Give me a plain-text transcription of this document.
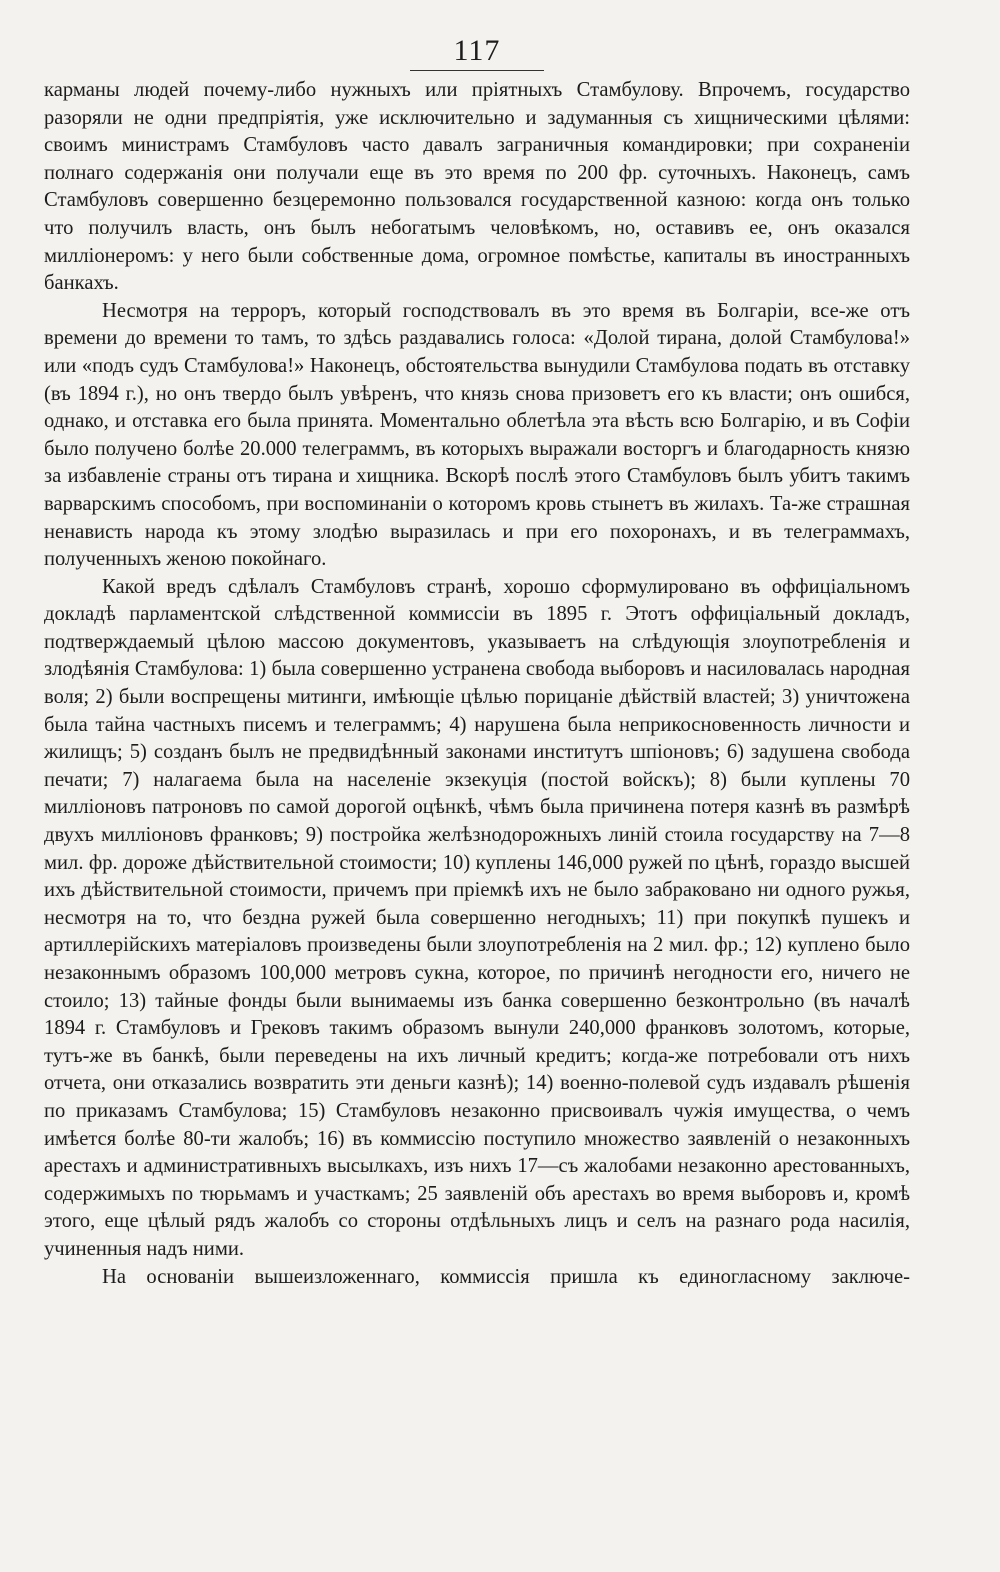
117

карманы людей почему-либо нужныхъ или пріятныхъ Стамбулову. Впрочемъ, государство разоряли не одни предпріятія, уже исключительно и задуманныя съ хищническими цѣлями: своимъ министрамъ Стамбуловъ часто давалъ заграничныя командировки; при сохраненіи полнаго содержанія они получали еще въ это время по 200 фр. суточныхъ. Наконецъ, самъ Стамбуловъ совершенно безцеремонно пользовался государственной казною: когда онъ только что получилъ власть, онъ былъ небогатымъ человѣкомъ, но, оставивъ ее, онъ оказался милліонеромъ: у него были собственные дома, огромное помѣстье, капиталы въ иностранныхъ банкахъ.

Несмотря на терроръ, который господствовалъ въ это время въ Болгаріи, все-же отъ времени до времени то тамъ, то здѣсь раздавались голоса: «Долой тирана, долой Стамбулова!» или «подъ судъ Стамбулова!» Наконецъ, обстоятельства вынудили Стамбулова подать въ отставку (въ 1894 г.), но онъ твердо былъ увѣренъ, что князь снова призоветъ его къ власти; онъ ошибся, однако, и отставка его была принята. Моментально облетѣла эта вѣсть всю Болгарію, и въ Софіи было получено болѣе 20.000 телеграммъ, въ которыхъ выражали восторгъ и благодарность князю за избавленіе страны отъ тирана и хищника. Вскорѣ послѣ этого Стамбуловъ былъ убитъ такимъ варварскимъ способомъ, при воспоминаніи о которомъ кровь стынетъ въ жилахъ. Та-же страшная ненависть народа къ этому злодѣю выразилась и при его похоронахъ, и въ телеграммахъ, полученныхъ женою покойнаго.

Какой вредъ сдѣлалъ Стамбуловъ странѣ, хорошо сформулировано въ оффиціальномъ докладѣ парламентской слѣдственной коммиссіи въ 1895 г. Этотъ оффиціальный докладъ, подтверждаемый цѣлою массою документовъ, указываетъ на слѣдующія злоупотребленія и злодѣянія Стамбулова: 1) была совершенно устранена свобода выборовъ и насиловалась народная воля; 2) были воспрещены митинги, имѣющіе цѣлью порицаніе дѣйствій властей; 3) уничтожена была тайна частныхъ писемъ и телеграммъ; 4) нарушена была неприкосновенность личности и жилищъ; 5) созданъ былъ не предвидѣнный законами институтъ шпіоновъ; 6) задушена свобода печати; 7) налагаема была на населеніе экзекуція (постой войскъ); 8) были куплены 70 милліоновъ патроновъ по самой дорогой оцѣнкѣ, чѣмъ была причинена потеря казнѣ въ размѣрѣ двухъ милліоновъ франковъ; 9) постройка желѣзнодорожныхъ линій стоила государству на 7—8 мил. фр. дороже дѣйствительной стоимости; 10) куплены 146,000 ружей по цѣнѣ, гораздо высшей ихъ дѣйствительной стоимости, причемъ при пріемкѣ ихъ не было забраковано ни одного ружья, несмотря на то, что бездна ружей была совершенно негодныхъ; 11) при покупкѣ пушекъ и артиллерійскихъ матеріаловъ произведены были злоупотребленія на 2 мил. фр.; 12) куплено было незаконнымъ образомъ 100,000 метровъ сукна, которое, по причинѣ негодности его, ничего не стоило; 13) тайные фонды были вынимаемы изъ банка совершенно безконтрольно (въ началѣ 1894 г. Стамбуловъ и Грековъ такимъ образомъ вынули 240,000 франковъ золотомъ, которые, тутъ-же въ банкѣ, были переведены на ихъ личный кредитъ; когда-же потребовали отъ нихъ отчета, они отказались возвратить эти деньги казнѣ); 14) военно-полевой судъ издавалъ рѣшенія по приказамъ Стамбулова; 15) Стамбуловъ незаконно присвоивалъ чужія имущества, о чемъ имѣется болѣе 80-ти жалобъ; 16) въ коммиссію поступило множество заявленій о незаконныхъ арестахъ и административныхъ высылкахъ, изъ нихъ 17—съ жалобами незаконно арестованныхъ, содержимыхъ по тюрьмамъ и участкамъ; 25 заявленій объ арестахъ во время выборовъ и, кромѣ этого, еще цѣлый рядъ жалобъ со стороны отдѣльныхъ лицъ и селъ на разнаго рода насилія, учиненныя надъ ними.

На основаніи вышеизложеннаго, коммиссія пришла къ единогласному заключе-
